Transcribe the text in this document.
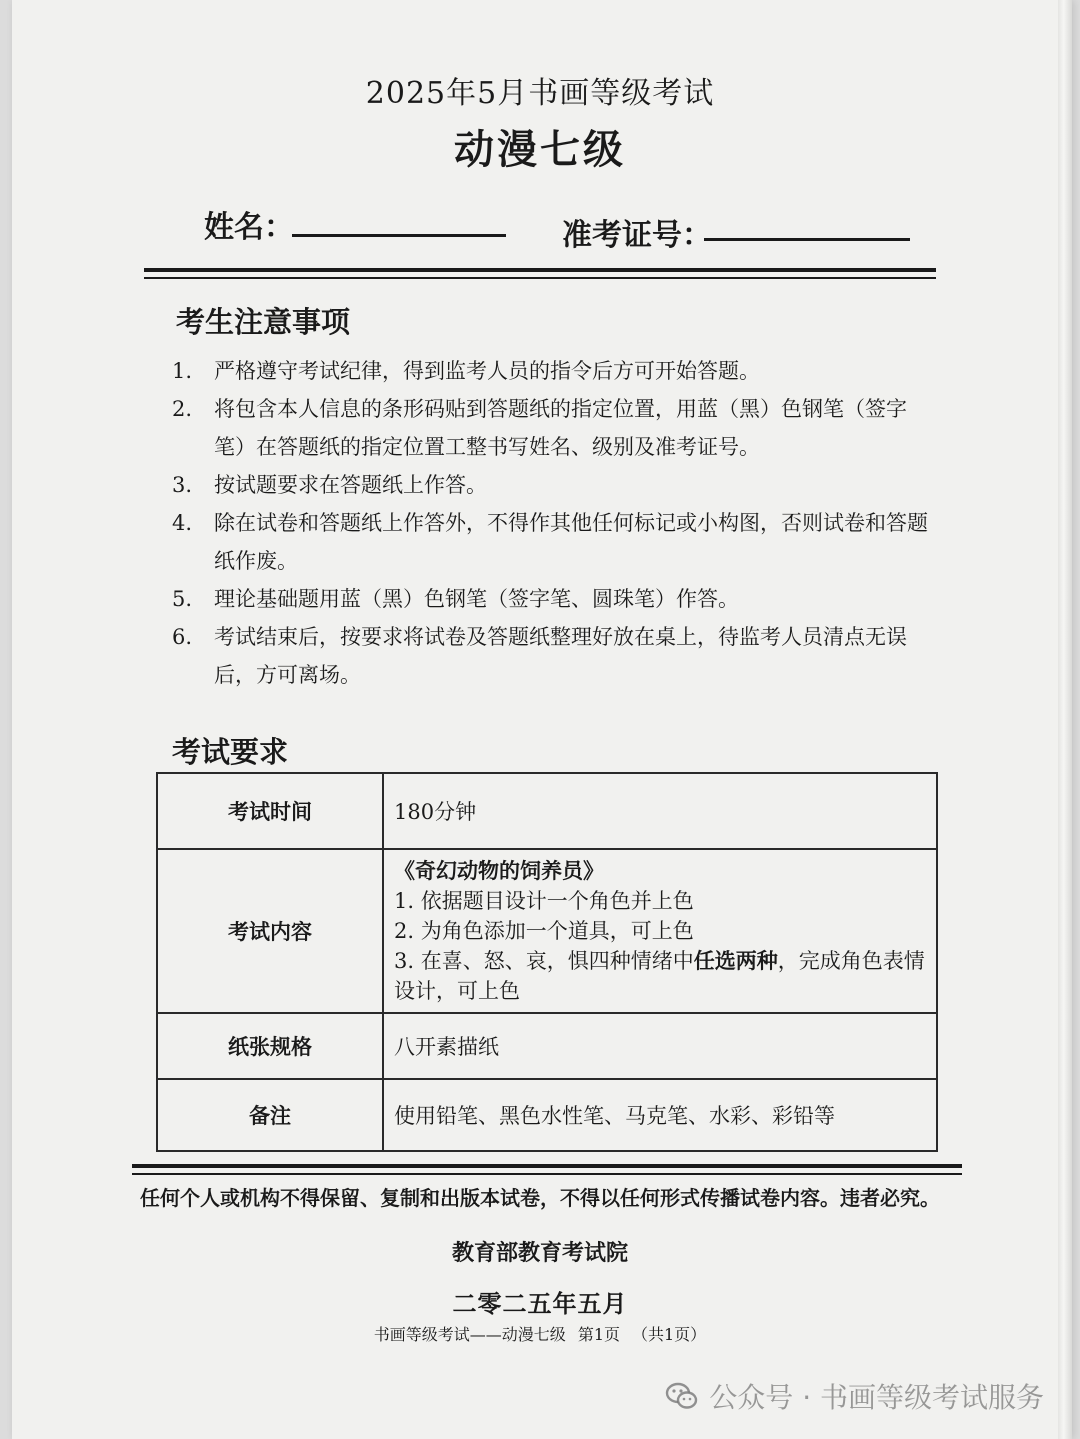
2025年5月书画等级考试
动漫七级
姓名：	准考证号：
考生注意事项
1. 严格遵守考试纪律，得到监考人员的指令后方可开始答题。
2. 将包含本人信息的条形码贴到答题纸的指定位置，用蓝（黑）色钢笔（签字笔）在答题纸的指定位置工整书写姓名、级别及准考证号。
3. 按试题要求在答题纸上作答。
4. 除在试卷和答题纸上作答外，不得作其他任何标记或小构图，否则试卷和答题纸作废。
5. 理论基础题用蓝（黑）色钢笔（签字笔、圆珠笔）作答。
6. 考试结束后，按要求将试卷及答题纸整理好放在桌上，待监考人员清点无误后，方可离场。
考试要求
考试时间	180分钟
考试内容	《奇幻动物的饲养员》
1. 依据题目设计一个角色并上色
2. 为角色添加一个道具，可上色
3. 在喜、怒、哀，惧四种情绪中任选两种，完成角色表情设计，可上色

纸张规格	八开素描纸
备注	使用铅笔、黑色水性笔、马克笔、水彩、彩铅等
任何个人或机构不得保留、复制和出版本试卷，不得以任何形式传播试卷内容。违者必究。
教育部教育考试院
二零二五年五月
书画等级考试——动漫七级 第1页 （共1页）
公众号 · 书画等级考试服务
